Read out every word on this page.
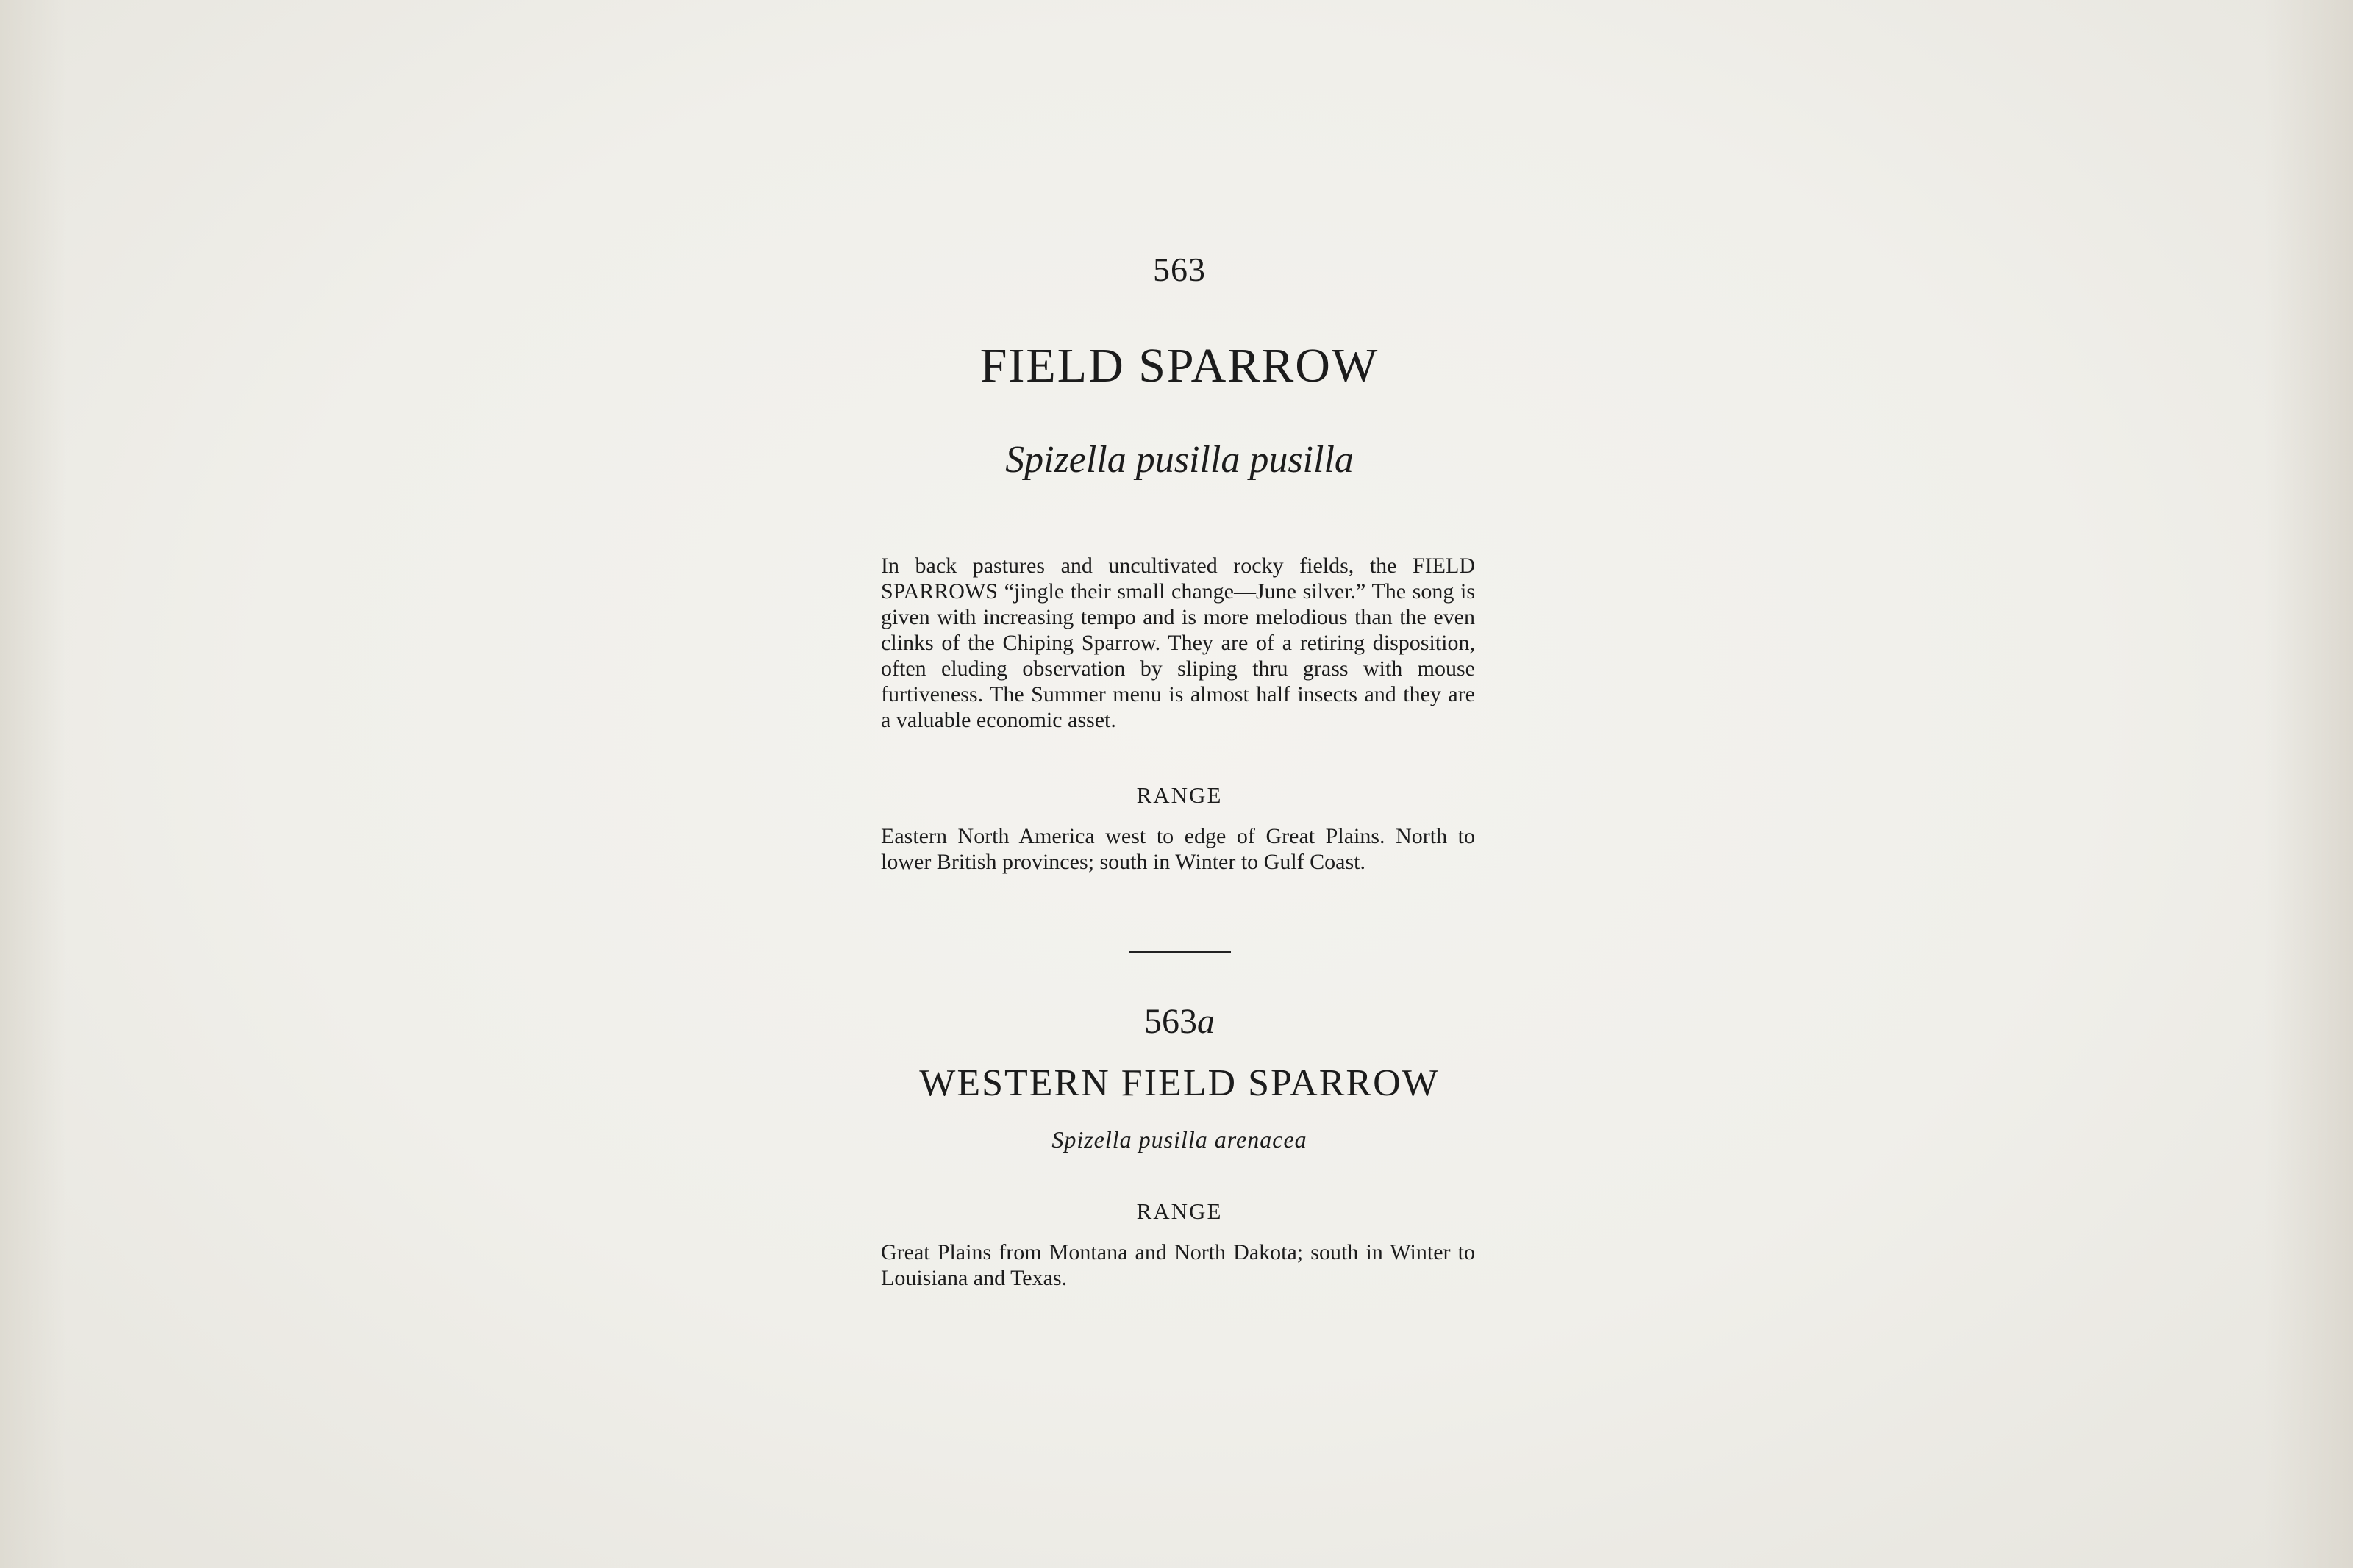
563
FIELD SPARROW
Spizella pusilla pusilla
In back pastures and uncultivated rocky fields, the FIELD SPARROWS “jingle their small change—June silver.” The song is given with increasing tempo and is more melodious than the even clinks of the Chiping Sparrow. They are of a retiring disposition, often eluding observation by sliping thru grass with mouse furtiveness. The Summer menu is almost half insects and they are a valuable economic asset.
RANGE
Eastern North America west to edge of Great Plains. North to lower British provinces; south in Winter to Gulf Coast.
563a
WESTERN FIELD SPARROW
Spizella pusilla arenacea
RANGE
Great Plains from Montana and North Dakota; south in Winter to Louisiana and Texas.
